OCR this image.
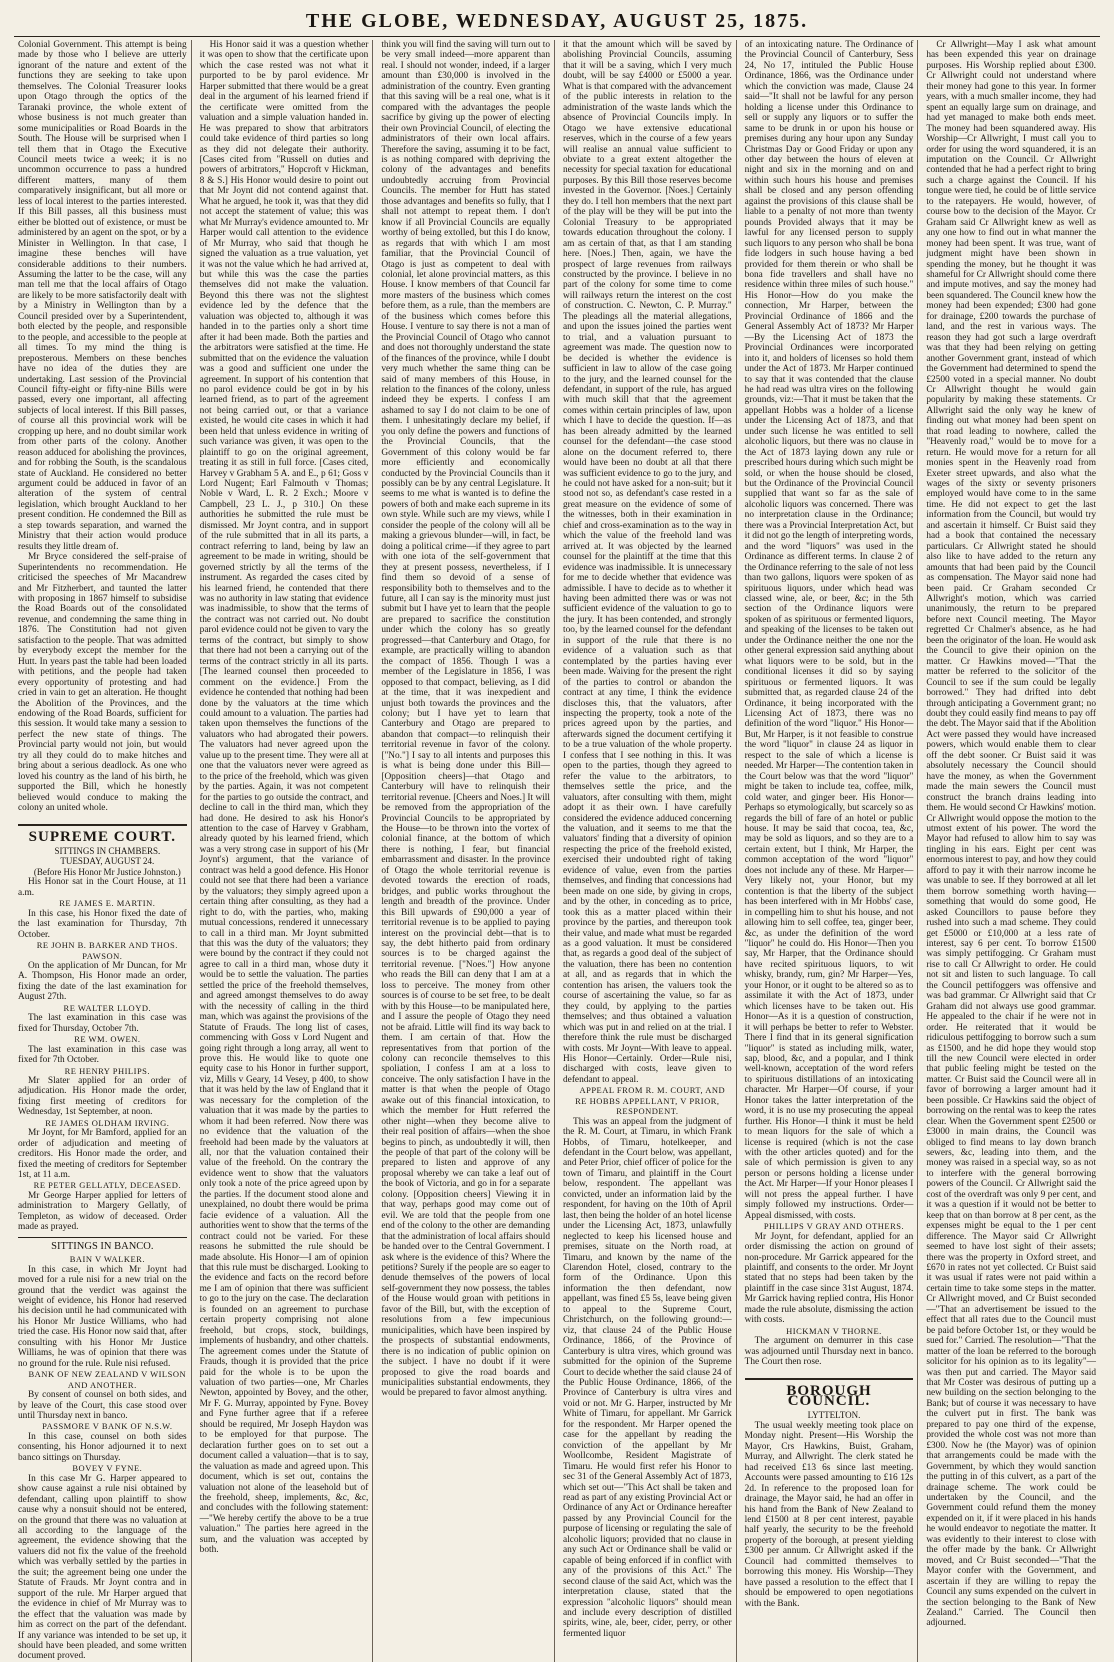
THE GLOBE, WEDNESDAY, AUGUST 25, 1875.

Colonial Government. This attempt is being made by those who I believe are utterly ignorant of the nature and extent of the functions they are seeking to take upon themselves. The Colonial Treasurer looks upon Otago through the optics of the Taranaki province, the whole extent of whose business is not much greater than some municipalities or Road Boards in the South. The House will be surprised when I tell them that in Otago the Executive Council meets twice a week; it is no uncommon occurrence to pass a hundred different matters, many of them comparatively insignificant, but all more or less of local interest to the parties interested. If this Bill passes, all this business must either be blotted out of existence, or must be administered by an agent on the spot, or by a Minister in Wellington. In that case, I imagine these benches will have considerable additions to their numbers. Assuming the latter to be the case, will any man tell me that the local affairs of Otago are likely to be more satisfactorily dealt with by a Ministry in Wellington than by a Council presided over by a Superintendent, both elected by the people, and responsible to the people, and accessible to the people at all times. To my mind the thing is preposterous. Members on these benches have no idea of the duties they are undertaking. Last session of the Provincial Council fifty-eight or fifty-nine Bills were passed, every one important, all affecting subjects of local interest. If this Bill passes, of course all this provincial work will be cropping up here, and no doubt similar work from other parts of the colony. Another reason adduced for abolishing the provinces, and for robbing the South, is the scandalous state of Auckland. He considered no better argument could be adduced in favor of an alteration of the system of central legislation, which brought Auckland to her present condition. He condemned the Bill as a step towards separation, and warned the Ministry that their action would produce results they little dream of.

Mr Bryce considered the self-praise of Superintendents no recommendation. He criticised the speeches of Mr Macandrew and Mr Fitzherbert, and taunted the latter with proposing in 1867 himself to subsidise the Road Boards out of the consolidated revenue, and condemning the same thing in 1876. The Constitution had not given satisfaction to the people. That was admitted by everybody except the member for the Hutt. In years past the table had been loaded with petitions, and the people had taken every opportunity of protesting and had cried in vain to get an alteration. He thought the Abolition of the Provinces, and the endowing of the Road Boards, sufficient for this session. It would take many a session to perfect the new state of things. The Provincial party would not join, but would try all they could do to make hitches and bring about a serious deadlock. As one who loved his country as the land of his birth, he supported the Bill, which he honestly believed would conduce to making the colony an united whole.

SUPREME COURT.

SITTINGS IN CHAMBERS.

TUESDAY, AUGUST 24.

(Before His Honor Mr Justice Johnston.)

His Honor sat in the Court House, at 11 a.m.

RE JAMES E. MARTIN.

In this case, his Honor fixed the date of the last examination for Thursday, 7th October.

RE JOHN B. BARKER AND THOS. PAWSON.

On the application of Mr Duncan, for Mr A. Thompson, His Honor made an order, fixing the date of the last examination for August 27th.

RE WALTER LLOYD.

The last examination in this case was fixed for Thursday, October 7th.

RE WM. OWEN.

The last examination in this case was fixed for 7th October.

RE HENRY PHILIPS.

Mr Slater applied for an order of adjudication. His Honor made the order, fixing first meeting of creditors for Wednesday, 1st September, at noon.

RE JAMES OLDHAM IRVING.

Mr Joynt, for Mr Bamford, applied for an order of adjudication and meeting of creditors. His Honor made the order, and fixed the meeting of creditors for September 1st, at 11 a.m.

RE PETER GELLATLY, DECEASED.

Mr George Harper applied for letters of administration to Margery Gellatly, of Templeton, as widow of deceased. Order made as prayed.

SITTINGS IN BANCO.

BAIN V WALKER.

In this case, in which Mr Joynt had moved for a rule nisi for a new trial on the ground that the verdict was against the weight of evidence, his Honor had reserved his decision until he had communicated with his Honor Mr Justice Williams, who had tried the case. His Honor now said that, after consulting with his Honor Mr Justice Williams, he was of opinion that there was no ground for the rule. Rule nisi refused.

BANK OF NEW ZEALAND V WILSON AND ANOTHER.

By consent of counsel on both sides, and by leave of the Court, this case stood over until Thursday next in banco.

PASSMORE V BANK OF N.S.W.

In this case, counsel on both sides consenting, his Honor adjourned it to next banco sittings on Thursday.

BOVEY V FYNE.

In this case Mr G. Harper appeared to show cause against a rule nisi obtained by defendant, calling upon plaintiff to show cause why a nonsuit should not be entered, on the ground that there was no valuation at all according to the language of the agreement, the evidence showing that the valuers did not fix the value of the freehold which was verbally settled by the parties in the suit; the agreement being one under the Statute of Frauds. Mr Joynt contra and in support of the rule. Mr Harper argued that the evidence in chief of Mr Murray was to the effect that the valuation was made by him as correct on the part of the defendant. If any variance was intended to be set up, it should have been pleaded, and some written document proved.

His Honor said it was a question whether it was open to show that the certificate upon which the case rested was not what it purported to be by parol evidence. Mr Harper submitted that there would be a great deal in the argument of his learned friend if the certificate were omitted from the valuation and a simple valuation handed in. He was prepared to show that arbitrators could take evidence of third parties so long as they did not delegate their authority. [Cases cited from "Russell on duties and powers of arbitrators," Hopcroft v Hickman, 8 & S.] His Honor would desire to point out that Mr Joynt did not contend against that. What he argued, he took it, was that they did not accept the statement of value; this was what Mr Murray's evidence amounted to. Mr Harper would call attention to the evidence of Mr Murray, who said that though he signed the valuation as a true valuation, yet it was not the value which he had arrived at, but while this was the case the parties themselves did not make the valuation. Beyond this there was not the slightest evidence led by the defence that the valuation was objected to, although it was handed in to the parties only a short time after it had been made. Both the parties and the arbitrators were satisfied at the time. He submitted that on the evidence the valuation was a good and sufficient one under the agreement. In support of his contention that no parol evidence could be got in by his learned friend, as to part of the agreement not being carried out, or that a variance existed, he would cite cases in which it had been held that unless evidence in writing of such variance was given, it was open to the plaintiff to go on the original agreement, treating it as still in full force. [Cases cited, Harvey v Grabham 5 A. and E., p 61; Goss v Lord Nugent; Earl Falmouth v Thomas; Noble v Ward, L. R. 2 Exch.; Moore v Campbell, 23 L. J., p 310.] On these authorities he submitted the rule must be dismissed. Mr Joynt contra, and in support of the rule submitted that in all its parts, a contract referring to land, being by law an agreement to be made in writing, should be governed strictly by all the terms of the instrument. As regarded the cases cited by his learned friend, he contended that there was no authority in law stating that evidence was inadmissible, to show that the terms of the contract was not carried out. No doubt parol evidence could not be given to vary the terms of the contract, but simply to show that there had not been a carrying out of the terms of the contract strictly in all its parts. [The learned counsel then proceeded to comment on the evidence.] From the evidence he contended that nothing had been done by the valuators at the time which could amount to a valuation. The parties had taken upon themselves the functions of the valuators who had abrogated their powers. The valuators had never agreed upon the value up to the present time. They were all at one that the valuators never were agreed as to the price of the freehold, which was given by the parties. Again, it was not competent for the parties to go outside the contract, and decline to call in the third man, which they had done. He desired to ask his Honor's attention to the case of Harvey v Grabham, already quoted by his learned friend, which was a very strong case in support of his (Mr Joynt's) argument, that the variance of contract was held a good defence. His Honor could not see that there had been a variance by the valuators; they simply agreed upon a certain thing after consulting, as they had a right to do, with the parties, who, making mutual concessions, rendered it unnecessary to call in a third man. Mr Joynt submitted that this was the duty of the valuators; they were bound by the contract if they could not agree to call in a third man, whose duty it would be to settle the valuation. The parties settled the price of the freehold themselves, and agreed amongst themselves to do away with the necessity of calling in the third man, which was against the provisions of the Statute of Frauds. The long list of cases, commencing with Goss v Lord Nugent and going right through a long array, all went to prove this. He would like to quote one equity case to his Honor in further support, viz, Mills v Geary, 14 Vesey, p 400, to show that it was held by the law of England that it was necessary for the completion of the valuation that it was made by the parties to whom it had been referred. Now there was no evidence that the valuation of the freehold had been made by the valuators at all, nor that the valuation contained their value of the freehold. On the contrary the evidence went to show that the valuators only took a note of the price agreed upon by the parties. If the document stood alone and unexplained, no doubt there would be prima facie evidence of a valuation. All the authorities went to show that the terms of the contract could not be varied. For these reasons he submitted the rule should be made absolute. His Honor—I am of opinion that this rule must be discharged. Looking to the evidence and facts on the record before me I am of opinion that there was sufficient to go to the jury on the case. The declaration is founded on an agreement to purchase certain property comprising not alone freehold, but crops, stock, buildings, implements of husbandry, and other chattels. The agreement comes under the Statute of Frauds, though it is provided that the price paid for the whole is to be upon the valuation of two parties—one, Mr Charles Newton, appointed by Bovey, and the other, Mr F. G. Murray, appointed by Fyne. Bovey and Fyne further agree that if a referee should be required, Mr Joseph Haydon was to be employed for that purpose. The declaration further goes on to set out a document called a valuation—that is to say, the valuation as made and agreed upon. This document, which is set out, contains the valuation not alone of the leasehold but of the freehold, sheep, implements, &c, &c, and concludes with the following statement:—"We hereby certify the above to be a true valuation." The parties here agreed in the sum, and the valuation was accepted by both.

think you will find the saving will turn out to be very small indeed—more apparent than real. I should not wonder, indeed, if a larger amount than £30,000 is involved in the administration of the country. Even granting that this saving will be a real one, what is it compared with the advantages the people sacrifice by giving up the power of electing their own Provincial Council, of electing the administrators of their own local affairs. Therefore the saving, assuming it to be fact, is as nothing compared with depriving the colony of the advantages and benefits undoubtedly accruing from Provincial Councils. The member for Hutt has stated those advantages and benefits so fully, that I shall not attempt to repeat them. I don't know if all Provincial Councils are equally worthy of being extolled, but this I do know, as regards that with which I am most familiar, that the Provincial Council of Otago is just as competent to deal with colonial, let alone provincial matters, as this House. I know members of that Council far more masters of the business which comes before them, as a rule, than the members are of the business which comes before this House. I venture to say there is not a man of the Provincial Council of Otago who cannot and does not thoroughly understand the state of the finances of the province, while I doubt very much whether the same thing can be said of many members of this House, in relation to the finances of the colony, unless indeed they be experts. I confess I am ashamed to say I do not claim to be one of them. I unhesitatingly declare my belief, if you only define the powers and functions of the Provincial Councils, that the Government of this colony would be far more efficiently and economically conducted by the Provincial Councils than it possibly can be by any central Legislature. It seems to me what is wanted is to define the powers of both and make each supreme in its own style. While such are my views, while I consider the people of the colony will all be making a grievous blunder—will, in fact, be doing a political crime—if they agree to part with one iota of the self-government that they at present possess, nevertheless, if I find them so devoid of a sense of responsibility both to themselves and to the future, all I can say is the minority must just submit but I have yet to learn that the people are prepared to sacrifice the constitution under which the colony has so greatly progressed—that Canterbury and Otago, for example, are practically willing to abandon the compact of 1856. Though I was a member of the Legislature in 1856, I was opposed to that compact, believing, as I did at the time, that it was inexpedient and unjust both towards the provinces and the colony; but I have yet to learn that Canterbury and Otago are prepared to abandon that compact—to relinquish their territorial revenue in favor of the colony. ["No."] I say to all intents and purposes this is what is being done under this Bill—[Opposition cheers]—that Otago and Canterbury will have to relinquish their territorial revenue. [Cheers and Noes.] It will be removed from the appropriation of the Provincial Councils to be appropriated by the House—to be thrown into the vortex of colonial finance, at the bottom of which there is nothing, I fear, but financial embarrassment and disaster. In the province of Otago the whole territorial revenue is devoted towards the erection of roads, bridges, and public works throughout the length and breadth of the province. Under this Bill upwards of £90,000 a year of territorial revenue is to be applied to paying interest on the provincial debt—that is to say, the debt hitherto paid from ordinary sources is to be charged against the territorial revenue. ["Noes."] How anyone who reads the Bill can deny that I am at a loss to perceive. The money from other sources is of course to be set free, to be dealt with by this House—to be manipulated here, and I assure the people of Otago they need not be afraid. Little will find its way back to them. I am certain of that. How the representatives from that portion of the colony can reconcile themselves to this spoliation, I confess I am at a loss to conceive. The only satisfaction I have in the matter is that when the people of Otago awake out of this financial intoxication, to which the member for Hutt referred the other night—when they become alive to their real position of affairs—when the shoe begins to pinch, as undoubtedly it will, then the people of that part of the colony will be prepared to listen and approve of any proposal whereby we can take a leaf out of the book of Victoria, and go in for a separate colony. [Opposition cheers] Viewing it in that way, perhaps good may come out of evil. We are told that the people from one end of the colony to the other are demanding that the administration of local affairs should be handed over to the Central Government. I ask where is the evidence of this? Where the petitions? Surely if the people are so eager to denude themselves of the powers of local self-government they now possess, the tables of the House would groan with petitions in favor of the Bill, but, with the exception of resolutions from a few impecunious municipalities, which have been inspired by the prospects of substantial endowments, there is no indication of public opinion on the subject. I have no doubt if it were proposed to give the road boards and municipalities substantial endowments, they would be prepared to favor almost anything.

it that the amount which will be saved by abolishing Provincial Councils, assuming that it will be a saving, which I very much doubt, will be say £4000 or £5000 a year. What is that compared with the advancement of the public interests in relation to the administration of the waste lands which the absence of Provincial Councils imply. In Otago we have extensive educational reserves, which in the course of a few years will realise an annual value sufficient to obviate to a great extent altogether the necessity for special taxation for educational purposes. By this Bill those reserves become invested in the Governor. [Noes.] Certainly they do. I tell hon members that the next part of the play will be they will be put into the Colonial Treasury to be appropriated towards education throughout the colony. I am as certain of that, as that I am standing here. [Noes.] Then, again, we have the prospect of large revenues from railways constructed by the province. I believe in no part of the colony for some time to come will railways return the interest on the cost of construction. C. Newton, C. P. Murray." The pleadings all the material allegations, and upon the issues joined the parties went to trial, and a valuation pursuant to agreement was made. The question now to be decided is whether the evidence is sufficient in law to allow of the case going to the jury, and the learned counsel for the defendant, in support of the rule, has argued with much skill that that the agreement comes within certain principles of law, upon which I have to decide the question. If—as has been already admitted by the learned counsel for the defendant—the case stood alone on the document referred to, there would have been no doubt at all that there was sufficient evidence to go to the jury, and he could not have asked for a non-suit; but it stood not so, as defendant's case rested in a great measure on the evidence of some of the witnesses, both in their examination in chief and cross-examination as to the way in which the value of the freehold land was arrived at. It was objected by the learned counsel for the plaintiff at the time that this evidence was inadmissible. It is unnecessary for me to decide whether that evidence was admissible. I have to decide as to whether it having been admitted there was or was not sufficient evidence of the valuation to go to the jury. It has been contended, and strongly too, by the learned counsel for the defendant in support of the rule that there is no evidence of a valuation such as that contemplated by the parties having ever been made. Waiving for the present the right of the parties to control or abandon the contract at any time, I think the evidence discloses this, that the valuators, after inspecting the property, took a note of the prices agreed upon by the parties, and afterwards signed the document certifying it to be a true valuation of the whole property. I confess that I see nothing in this. It was open to the parties, though they agreed to refer the value to the arbitrators, to themselves settle the price, and the valuators, after consulting with them, might adopt it as their own. I have carefully considered the evidence adduced concerning the valuation, and it seems to me that the valuators' finding that a diversity of opinion respecting the price of the freehold existed, exercised their undoubted right of taking evidence of value, even from the parties themselves, and finding that concessions had been made on one side, by giving in crops, and by the other, in conceding as to price, took this as a matter placed within their province by the parties, and thereupon took their value, and made what must be regarded as a good valuation. It must be considered that, as regards a good deal of the subject of the valuation, there has been no contention at all, and as regards that in which the contention has arisen, the valuers took the course of ascertaining the value, so far as they could, by applying to the parties themselves; and thus obtained a valuation which was put in and relied on at the trial. I therefore think the rule must be discharged with costs. Mr Joynt—With leave to appeal. His Honor—Certainly. Order—Rule nisi, discharged with costs, leave given to defendant to appeal.

APPEAL FROM R. M. COURT, AND RE HOBBS APPELLANT, V PRIOR, RESPONDENT.

This was an appeal from the judgment of the R. M. Court, at Timaru, in which Frank Hobbs, of Timaru, hotelkeeper, and defendant in the Court below, was appellant, and Peter Prior, chief officer of police for the town of Timaru, and plaintiff in the Court below, respondent. The appellant was convicted, under an information laid by the respondent, for having on the 10th of April last, then being the holder of an hotel license under the Licensing Act, 1873, unlawfully neglected to keep his licensed house and premises, situate on the North road, at Timaru, and known by the name of the Clarendon Hotel, closed, contrary to the form of the Ordinance. Upon this information the then defendant, now appellant, was fined £5 5s, leave being given to appeal to the Supreme Court, Christchurch, on the following ground:—viz, that clause 24 of the Public House Ordinance, 1866, of the Province of Canterbury is ultra vires, which ground was submitted for the opinion of the Supreme Court to decide whether the said clause 24 of the Public House Ordinance, 1866, of the Province of Canterbury is ultra vires and void or not. Mr G. Harper, instructed by Mr White of Timaru, for appellant. Mr Garrick for the respondent. Mr Harper opened the case for the appellant by reading the conviction of the appellant by Mr Woollcombe, Resident Magistrate of Timaru. He would first refer his Honor to sec 31 of the General Assembly Act of 1873, which set out—"This Act shall be taken and read as part of any existing Provincial Act or Ordinance of any Act or Ordinance hereafter passed by any Provincial Council for the purpose of licensing or regulating the sale of alcoholic liquors; provided that no clause in any such Act or Ordinance shall be valid or capable of being enforced if in conflict with any of the provisions of this Act." The second clause of the said Act, which was the interpretation clause, stated that the expression "alcoholic liquors" should mean and include every description of distilled spirits, wine, ale, beer, cider, perry, or other fermented liquor

of an intoxicating nature. The Ordinance of the Provincial Council of Canterbury, Sess 24, No 17, intituled the Public House Ordinance, 1866, was the Ordinance under which the conviction was made, Clause 24 said—"It shall not be lawful for any person holding a license under this Ordinance to sell or supply any liquors or to suffer the same to be drunk in or upon his house or premises during any hour upon any Sunday Christmas Day or Good Friday or upon any other day between the hours of eleven at night and six in the morning and on and within such hours his house and premises shall be closed and any person offending against the provisions of this clause shall be liable to a penalty of not more than twenty pounds Provided always that it may be lawful for any licensed person to supply such liquors to any person who shall be bona fide lodgers in such house having a bed provided for them therein or who shall be bona fide travellers and shall have no residence within three miles of such house." His Honor—How do you make the connection, Mr Harper, between the Provincial Ordinance of 1866 and the General Assembly Act of 1873? Mr Harper—By the Licensing Act of 1873 the Provincial Ordinances were incorporated into it, and holders of licenses so hold them under the Act of 1873. Mr Harper continued to say that it was contended that the clause he had read was ultra vires on the following grounds, viz:—That it must be taken that the appellant Hobbs was a holder of a license under the Licensing Act of 1873, and that under such license he was entitled to sell alcoholic liquors, but there was no clause in the Act of 1873 laying down any rule or prescribed hours during which such might be sold, or when the house should be closed, but the Ordinance of the Provincial Council supplied that want so far as the sale of alcoholic liquors was concerned. There was no interpretation clause in the Ordinance; there was a Provincial Interpretation Act, but it did not go the length of interpreting words, and the word "liquors" was used in the Ordinance as different terms. In clause 2 of the Ordinance referring to the sale of not less than two gallons, liquors were spoken of as spirituous liquors, under which head was classed wine, ale, or beer, &c; in the 5th section of the Ordinance liquors were spoken of as spirituous or fermented liquors, and speaking of the licenses to be taken out under the Ordinance neither the one nor the other general expression said anything about what liquors were to be sold, but in the conditional licenses it did so by saying spirituous or fermented liquors. It was submitted that, as regarded clause 24 of the Ordinance, it being incorporated with the Licensing Act of 1873, there was no definition of the word "liquor." His Honor—But, Mr Harper, is it not feasible to construe the word "liquor" in clause 24 as liquor in respect to the sale of which a license is needed. Mr Harper—The contention taken in the Court below was that the word "liquor" might be taken to include tea, coffee, milk, cold water, and ginger beer. His Honor—Perhaps so etymologically, but scarcely so as regards the bill of fare of an hotel or public house. It may be said that cocoa, tea, &c, may be sold as liquors, and so they are to a certain extent, but I think, Mr Harper, the common acceptation of the word "liquor" does not include any of these. Mr Harper—Very likely not, your Honor, but my contention is that the liberty of the subject has been interfered with in Mr Hobbs' case, in compelling him to shut his house, and not allowing him to sell coffee, tea, ginger beer, &c, as under the definition of the word "liquor" he could do. His Honor—Then you say, Mr Harper, that the Ordinance should have recited spirituous liquors, to wit whisky, brandy, rum, gin? Mr Harper—Yes, your Honor, or it ought to be altered so as to assimilate it with the Act of 1873, under which licenses have to be taken out. His Honor—As it is a question of construction, it will perhaps be better to refer to Webster. There I find that in its general signification "liquor" is stated as including milk, water, sap, blood, &c, and a popular, and I think well-known, acceptation of the word refers to spirituous distillations of an intoxicating character. Mr Harper—Of course, if your Honor takes the latter interpretation of the word, it is no use my prosecuting the appeal further. His Honor—I think it must be held to mean liquors for the sale of which a license is required (which is not the case with the other articles quoted) and for the sale of which permission is given to any person or persons holding a license under the Act. Mr Harper—If your Honor pleases I will not press the appeal further. I have simply followed my instructions. Order—Appeal dismissed, with costs.

PHILLIPS V GRAY AND OTHERS.

Mr Joynt, for defendant, applied for an order dismissing the action on ground of non-procedure. Mr Garrick appeared for the plaintiff, and consents to the order. Mr Joynt stated that no steps had been taken by the plaintiff in the case since 31st August, 1874. Mr Garrick having replied contra, His Honor made the rule absolute, dismissing the action with costs.

HICKMAN V THORNE.

The argument on demurrer in this case was adjourned until Thursday next in banco. The Court then rose.

BOROUGH COUNCIL.

LYTTELTON.

The usual weekly meeting took place on Monday night. Present—His Worship the Mayor, Crs Hawkins, Buist, Graham, Murray, and Allwright. The clerk stated he had received £13 6s since last meeting. Accounts were passed amounting to £16 12s 2d. In reference to the proposed loan for drainage, the Mayor said, he had an offer in his hand from the Bank of New Zealand to lend £1500 at 8 per cent interest, payable half yearly, the security to be the freehold property of the borough, at present yielding £300 per annum. Cr Allwright asked if the Council had committed themselves to borrowing this money. His Worship—They have passed a resolution to the effect that I should be empowered to open negotiations with the Bank.

Cr Allwright—May I ask what amount has been expended this year on drainage purposes. His Worship replied about £300. Cr Allwright could not understand where their money had gone to this year. In former years, with a much smaller income, they had spent an equally large sum on drainage, and had yet managed to make both ends meet. The money had been squandered away. His Worship—Cr Allwright, I must call you to order for using the word squandered, it is an imputation on the Council. Cr Allwright contended that he had a perfect right to bring such a charge against the Council. If his tongue were tied, he could be of little service to the ratepayers. He would, however, of course bow to the decision of the Mayor. Cr Graham said Cr Allwright knew as well as any one how to find out in what manner the money had been spent. It was true, want of judgment might have been shown in spending the money, but he thought it was shameful for Cr Allwright should come there and impute motives, and say the money had been squandered. The Council knew how the money had been expended; £300 had gone for drainage, £200 towards the purchase of land, and the rest in various ways. The reason they had got such a large overdraft was that they had been relying on getting another Government grant, instead of which the Government had determined to spend the £2500 voted in a special manner. No doubt Cr Allwright thought he would gain popularity by making these statements. Cr Allwright said the only way he knew of finding out what money had been spent on that road leading to nowhere, called the "Heavenly road," would be to move for a return. He would move for a return for all monies spent in the Heavenly road from Exeter street upwards, and also what the wages of the sixty or seventy prisoners employed would have come to in the same time. He did not expect to get the last information from the Council, but would try and ascertain it himself. Cr Buist said they had a book that contained the necessary particulars. Cr Allwright stated he should also like to have added to the return any amounts that had been paid by the Council as compensation. The Mayor said none had been paid. Cr Graham seconded Cr Allwright's motion, which was carried unanimously, the return to be prepared before next Council meeting. The Mayor regretted Cr Chalmer's absence, as he had been the originator of the loan. He would ask the Council to give their opinion on the matter. Cr Hawkins moved—"That the matter be referred to the solicitor of the Council to see if the sum could be legally borrowed." They had drifted into debt through anticipating a Government grant; no doubt they could easily find means to pay off the debt. The Mayor said that if the Abolition Act were passed they would have increased powers, which would enable them to clear off the debt sooner. Cr Buist said it was absolutely necessary the Council should have the money, as when the Government made the main sewers the Council must construct the branch drains leading into them. He would second Cr Hawkins' motion. Cr Allwright would oppose the motion to the utmost extent of his power. The word the Mayor had refused to allow him to say was tingling in his ears. Eight per cent was enormous interest to pay, and how they could afford to pay it with their narrow income he was unable to see. If they borrowed at all let them borrow something worth having—something that would do some good, He asked Councillors to pause before they rushed into such a mad scheme. They could get £5000 or £10,000 at a less rate of interest, say 6 per cent. To borrow £1500 was simply pettifogging. Cr Graham must rise to call Cr Allwright to order. He could not sit and listen to such language. To call the Council pettifoggers was offensive and was bad grammar. Cr Allwright said that Cr Graham did not always use good grammar. He appealed to the chair if he were not in order. He reiterated that it would be ridiculous pettifogging to borrow such a sum as £1500, and he did hope they would stop till the new Council were elected in order that public feeling might be tested on the matter. Cr Buist said the Council were all in favor of borrowing a larger amount had it been possible. Cr Hawkins said the object of borrowing on the rental was to keep the rates clear. When the Government spent £2500 or £3000 in main drains, the Council was obliged to find means to lay down branch sewers, &c, leading into them, and the money was raised in a special way, so as not to interfere with the general borrowing powers of the Council. Cr Allwright said the cost of the overdraft was only 9 per cent, and it was a question if it would not be better to keep that on than borrow at 8 per cent, as the expenses might be equal to the 1 per cent difference. The Mayor said Cr Allwright seemed to have lost sight of their assets; there was the property in Oxford street, and £670 in rates not yet collected. Cr Buist said it was usual if rates were not paid within a certain time to take some steps in the matter. Cr Allwright moved, and Cr Buist seconded—"That an advertisement be issued to the effect that all rates due to the Council must be paid before October 1st, or they would be sued for." Carried. The resolution—"That the matter of the loan be referred to the borough solicitor for his opinion as to its legality"—was then put and carried. The Mayor said that Mr Coster was desirous of putting up a new building on the section belonging to the Bank; but of course it was necessary to have the culvert put in first. The bank was prepared to pay one third of the expense, provided the whole cost was not more than £300. Now he (the Mayor) was of opinion that arrangements could be made with the Government, by which they would sanction the putting in of this culvert, as a part of the drainage scheme. The work could be undertaken by the Council, and the Government could refund them the money expended on it, if it were placed in his hands he would endeavor to negotiate the matter. It was evidently to their interest to close with the offer made by the bank. Cr Allwright moved, and Cr Buist seconded—"That the Mayor confer with the Government, and ascertain if they are willing to repay the Council any sums expended on the culvert in the section belonging to the Bank of New Zealand." Carried. The Council then adjourned.
